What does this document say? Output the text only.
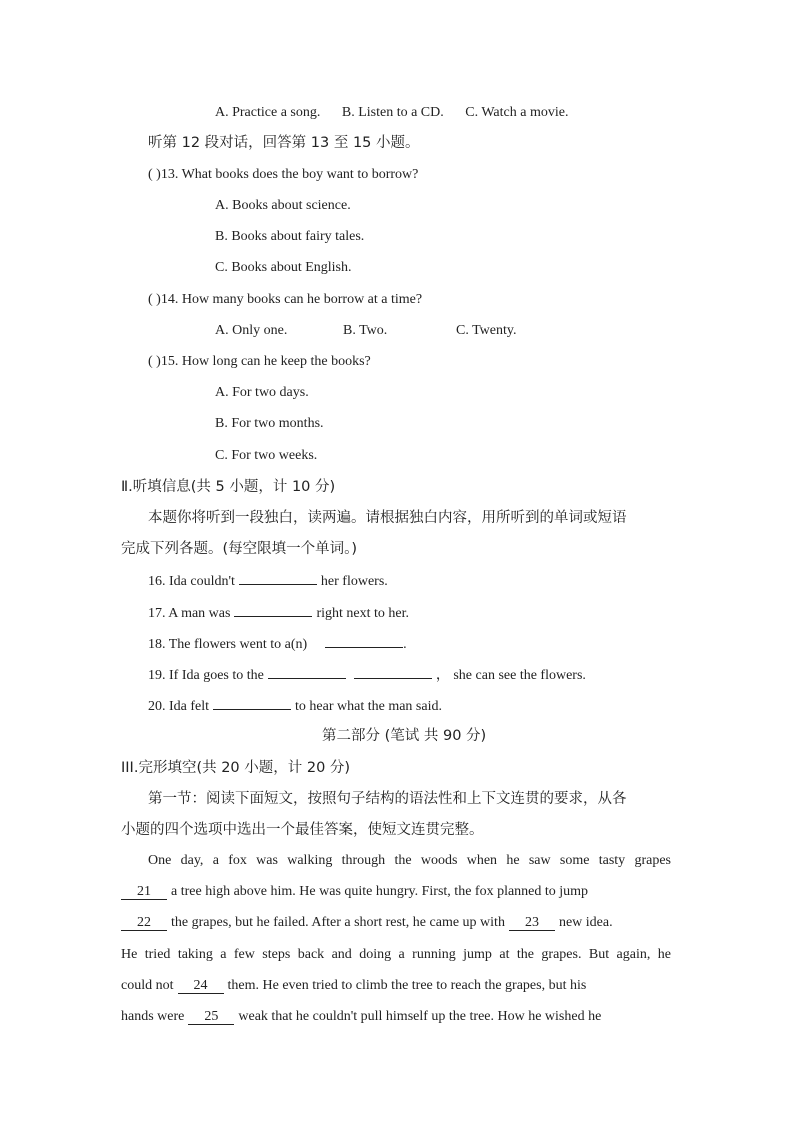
A. Practice a song. B. Listen to a CD. C. Watch a movie.
听第 12 段对话，回答第 13 至 15 小题。
( )13. What books does the boy want to borrow?
A. Books about science.
B. Books about fairy tales.
C. Books about English.
( )14. How many books can he borrow at a time?
A. Only one.	B. Two.	C. Twenty.
( )15. How long can he keep the books?
A. For two days.
B. For two months.
C. For two weeks.
Ⅱ.听填信息(共 5 小题，计 10 分)
本题你将听到一段独白，读两遍。请根据独白内容，用所听到的单词或短语
完成下列各题。(每空限填一个单词。)
16. Ida couldn't	her flowers.
17. A man was	right next to her.
18. The flowers went to a(n)	.
19. If Ida goes to the	， she can see the flowers.
20. Ida felt	to hear what the man said.
第二部分 (笔试 共 90 分)
III.完形填空(共 20 小题，计 20 分)
第一节：阅读下面短文，按照句子结构的语法性和上下文连贯的要求，从各
小题的四个选项中选出一个最佳答案，使短文连贯完整。
One day, a fox was walking through the woods when he saw some tasty grapes
21 a tree high above him. He was quite hungry. First, the fox planned to jump
22 the grapes, but he failed. After a short rest, he came up with 23 new idea.
He tried taking a few steps back and doing a running jump at the grapes. But again, he
could not 24 them. He even tried to climb the tree to reach the grapes, but his
hands were 25 weak that he couldn't pull himself up the tree. How he wished he
